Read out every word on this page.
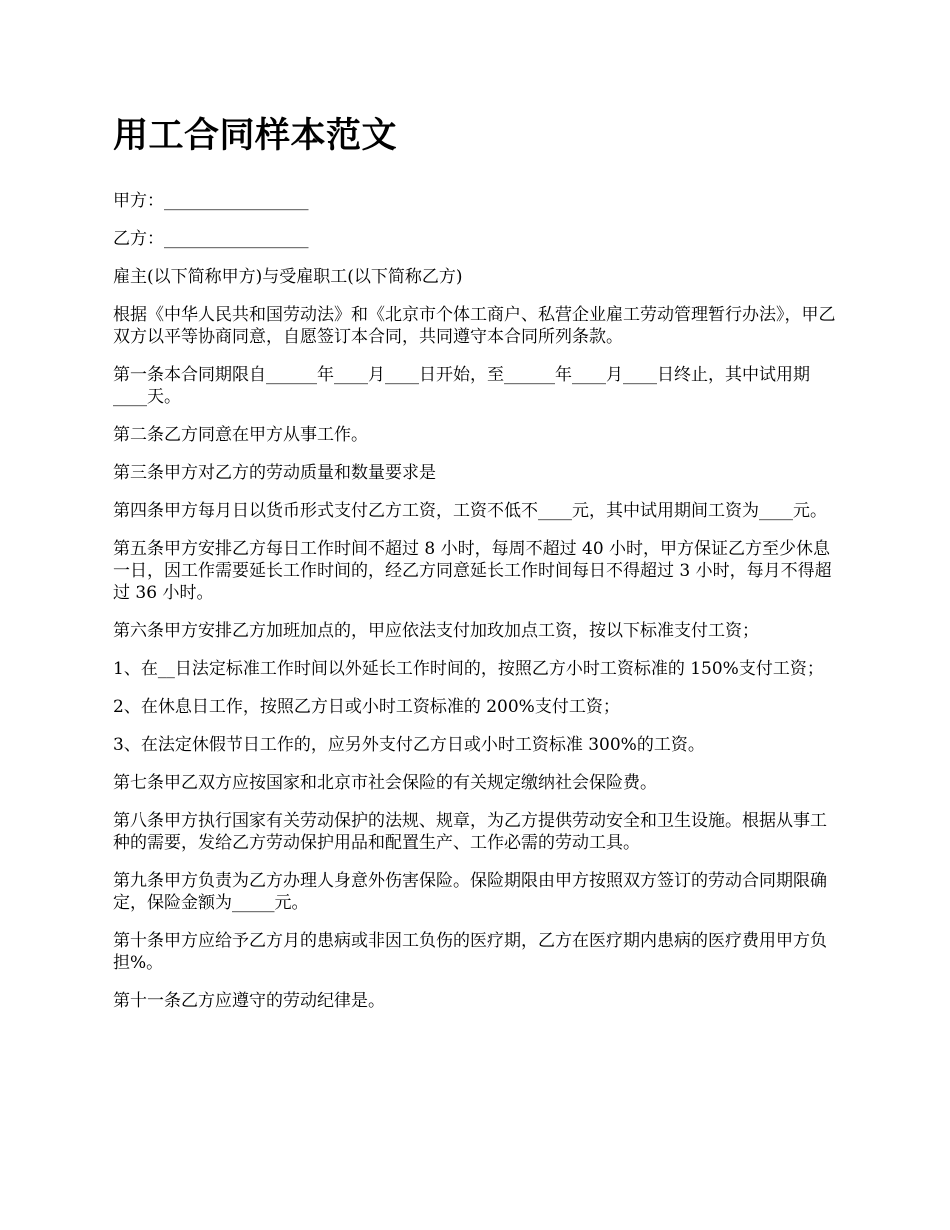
用工合同样本范文

甲方：_________________

乙方：_________________

雇主(以下简称甲方)与受雇职工(以下简称乙方)

根据《中华人民共和国劳动法》和《北京市个体工商户、私营企业雇工劳动管理暂行办法》，甲乙双方以平等协商同意，自愿签订本合同，共同遵守本合同所列条款。

第一条本合同期限自______年____月____日开始，至______年____月____日终止，其中试用期____天。

第二条乙方同意在甲方从事工作。

第三条甲方对乙方的劳动质量和数量要求是

第四条甲方每月日以货币形式支付乙方工资，工资不低不____元，其中试用期间工资为____元。

第五条甲方安排乙方每日工作时间不超过 8 小时，每周不超过 40 小时，甲方保证乙方至少休息一日，因工作需要延长工作时间的，经乙方同意延长工作时间每日不得超过 3 小时，每月不得超过 36 小时。

第六条甲方安排乙方加班加点的，甲应依法支付加玫加点工资，按以下标准支付工资；

1、在__日法定标准工作时间以外延长工作时间的，按照乙方小时工资标准的 150%支付工资；

2、在休息日工作，按照乙方日或小时工资标准的 200%支付工资；

3、在法定休假节日工作的，应另外支付乙方日或小时工资标准 300%的工资。

第七条甲乙双方应按国家和北京市社会保险的有关规定缴纳社会保险费。

第八条甲方执行国家有关劳动保护的法规、规章，为乙方提供劳动安全和卫生设施。根据从事工种的需要，发给乙方劳动保护用品和配置生产、工作必需的劳动工具。

第九条甲方负责为乙方办理人身意外伤害保险。保险期限由甲方按照双方签订的劳动合同期限确定，保险金额为_____元。

第十条甲方应给予乙方月的患病或非因工负伤的医疗期，乙方在医疗期内患病的医疗费用甲方负担%。

第十一条乙方应遵守的劳动纪律是。
